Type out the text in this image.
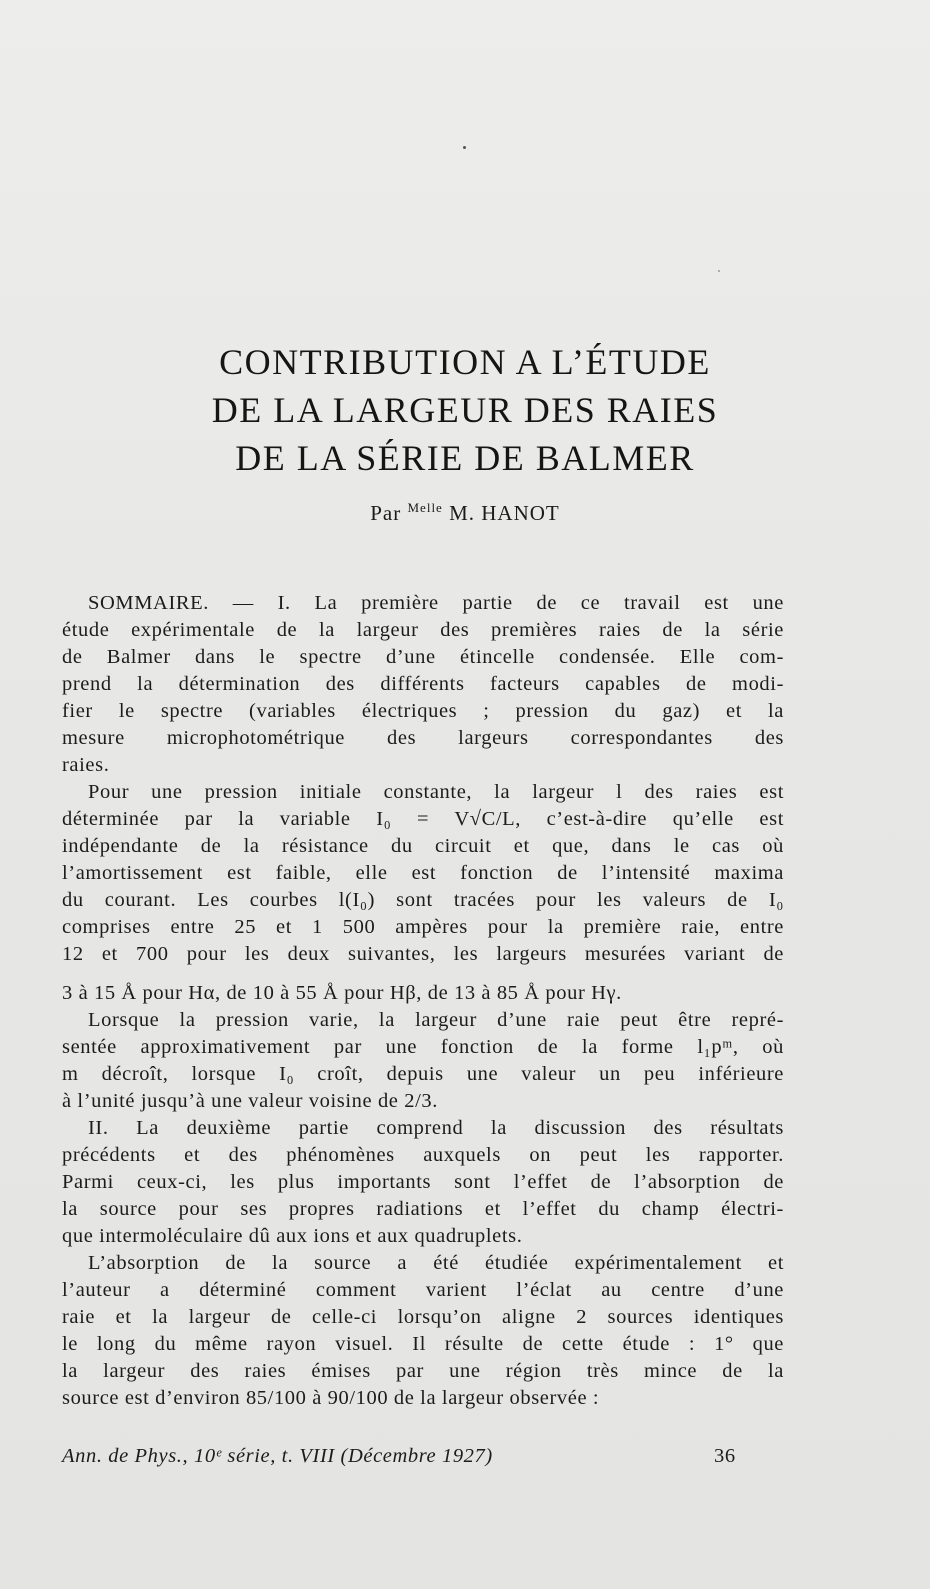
CONTRIBUTION A L’ÉTUDE
DE LA LARGEUR DES RAIES
DE LA SÉRIE DE BALMER
Par $^{Melle}$ M. HANOT
SOMMAIRE. — I. La première partie de ce travail est une
étude expérimentale de la largeur des premières raies de la série
de Balmer dans le spectre d’une étincelle condensée. Elle com-
prend la détermination des différents facteurs capables de modi-
fier le spectre (variables électriques ; pression du gaz) et la
mesure microphotométrique des largeurs correspondantes des
raies.
Pour une pression initiale constante, la largeur l des raies est
déterminée par la variable I₀ = V√C/L, c’est-à-dire qu’elle est
indépendante de la résistance du circuit et que, dans le cas où
l’amortissement est faible, elle est fonction de l’intensité maxima
du courant. Les courbes l(I₀) sont tracées pour les valeurs de I₀
comprises entre 25 et 1 500 ampères pour la première raie, entre
12 et 700 pour les deux suivantes, les largeurs mesurées variant de
3 à 15 Å pour Hα, de 10 à 55 Å pour Hβ, de 13 à 85 Å pour Hγ.
Lorsque la pression varie, la largeur d’une raie peut être repré-
sentée approximativement par une fonction de la forme l₁pᵐ, où
m décroît, lorsque I₀ croît, depuis une valeur un peu inférieure
à l’unité jusqu’à une valeur voisine de 2/3.
II. La deuxième partie comprend la discussion des résultats
précédents et des phénomènes auxquels on peut les rapporter.
Parmi ceux-ci, les plus importants sont l’effet de l’absorption de
la source pour ses propres radiations et l’effet du champ électri-
que intermoléculaire dû aux ions et aux quadruplets.
L’absorption de la source a été étudiée expérimentalement et
l’auteur a déterminé comment varient l’éclat au centre d’une
raie et la largeur de celle-ci lorsqu’on aligne 2 sources identiques
le long du même rayon visuel. Il résulte de cette étude : 1° que
la largeur des raies émises par une région très mince de la
source est d’environ 85/100 à 90/100 de la largeur observée :
Ann. de Phys., 10ᵉ série, t. VIII (Décembre 1927)	36
